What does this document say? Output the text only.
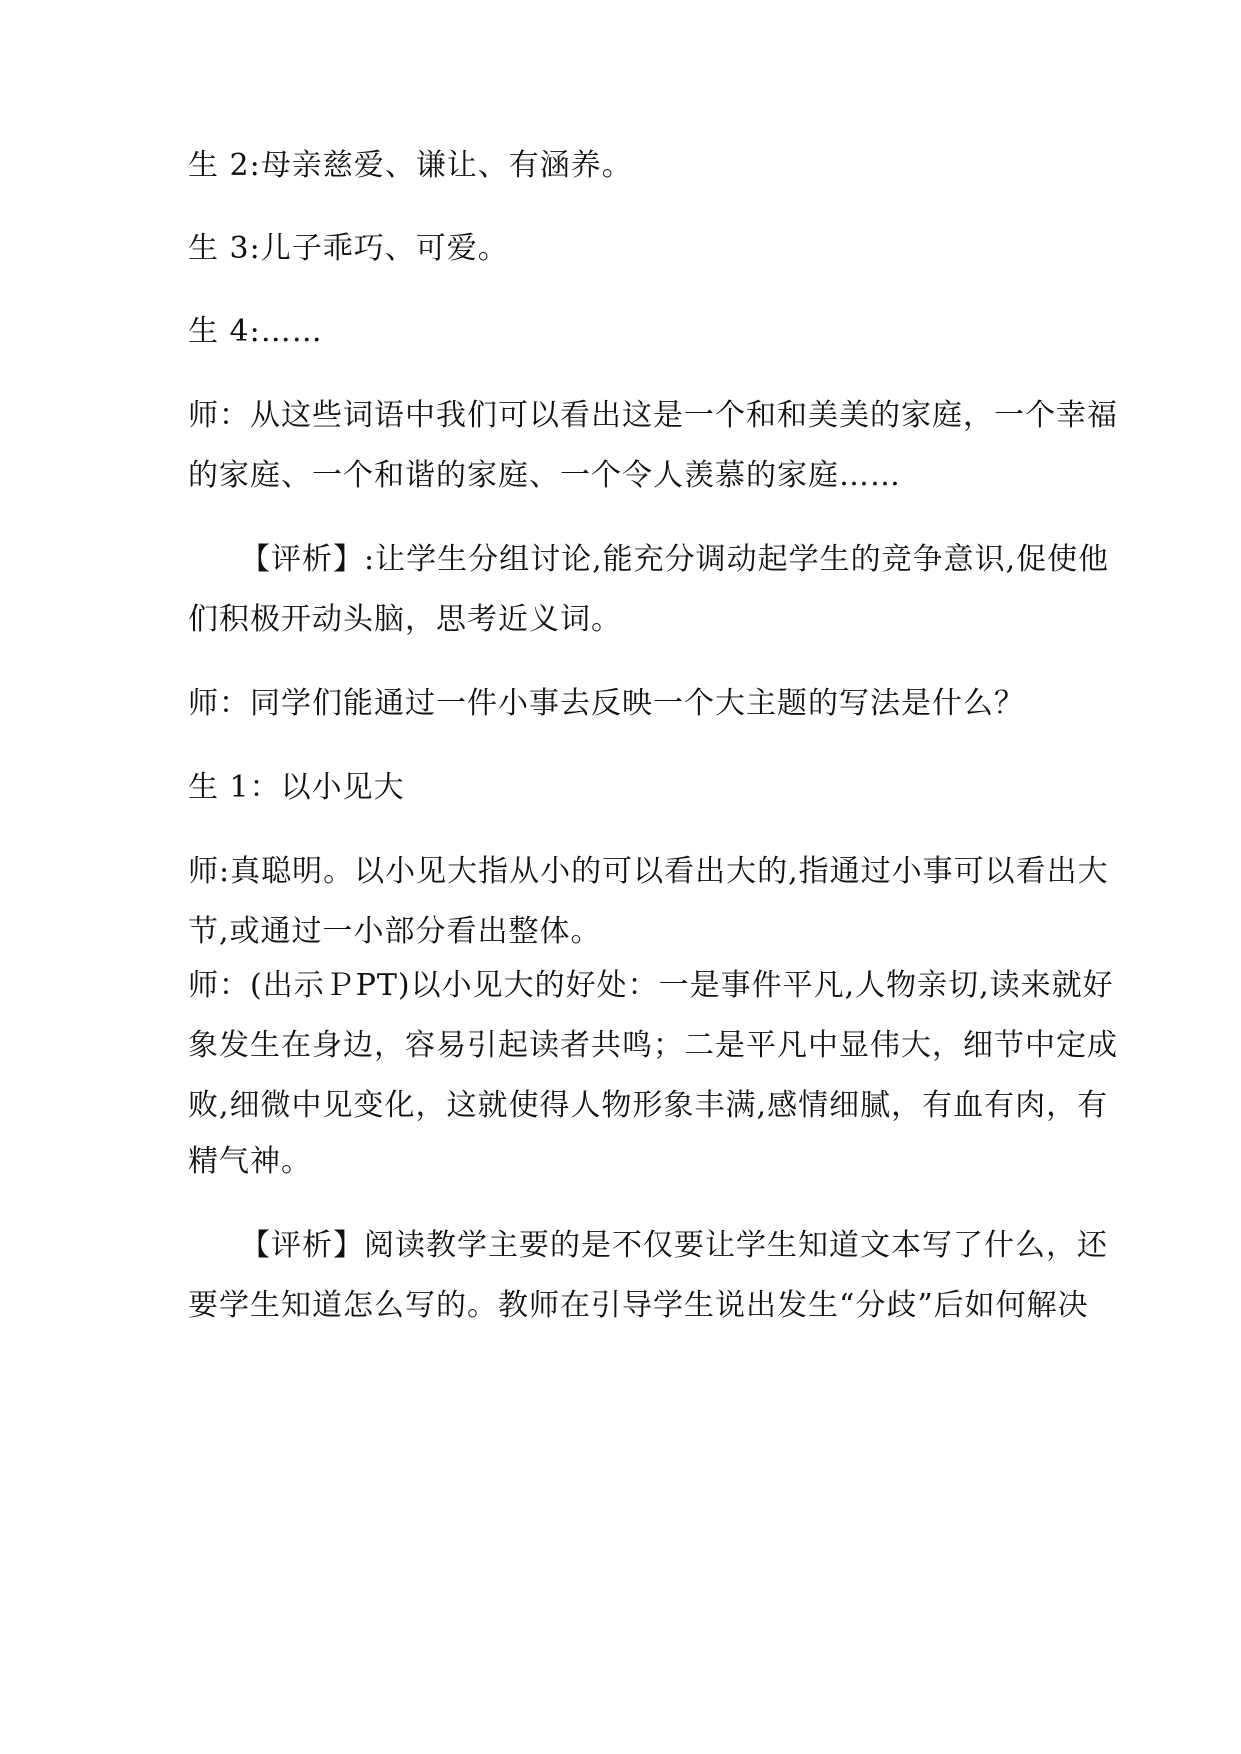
生 2:母亲慈爱、谦让、有涵养。
生 3:儿子乖巧、可爱。
生 4:……
师：从这些词语中我们可以看出这是一个和和美美的家庭，一个幸福
的家庭、一个和谐的家庭、一个令人羡慕的家庭……
【评析】:让学生分组讨论,能充分调动起学生的竞争意识,促使他
们积极开动头脑，思考近义词。
师：同学们能通过一件小事去反映一个大主题的写法是什么？
生 1：以小见大
师:真聪明。以小见大指从小的可以看出大的,指通过小事可以看出大
节,或通过一小部分看出整体。
师：(出示ＰPT)以小见大的好处：一是事件平凡,人物亲切,读来就好
象发生在身边，容易引起读者共鸣；二是平凡中显伟大，细节中定成
败,细微中见变化，这就使得人物形象丰满,感情细腻，有血有肉，有
精气神。
【评析】阅读教学主要的是不仅要让学生知道文本写了什么，还
要学生知道怎么写的。教师在引导学生说出发生“分歧”后如何解决
